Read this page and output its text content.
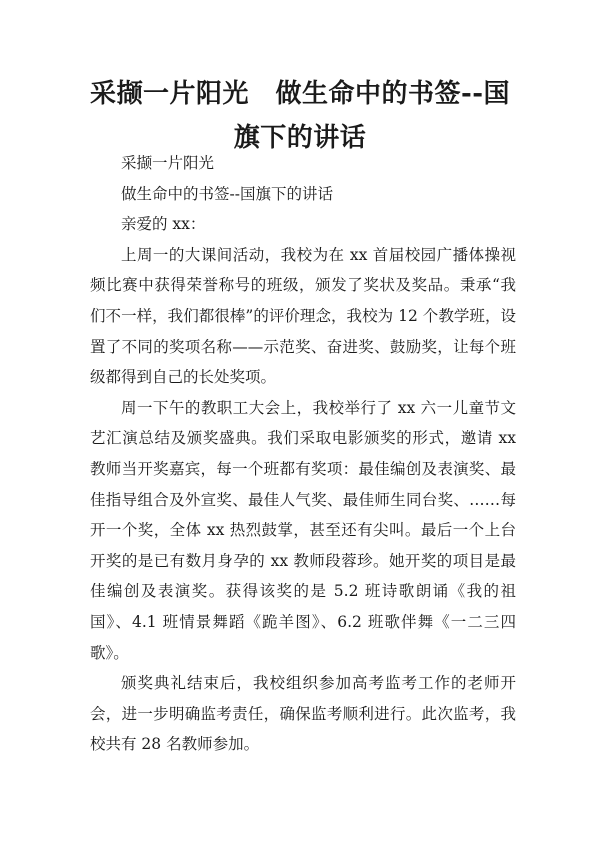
采撷一片阳光　做生命中的书签--国旗下的讲话

采撷一片阳光

做生命中的书签--国旗下的讲话

亲爱的 xx：

上周一的大课间活动，我校为在 xx 首届校园广播体操视频比赛中获得荣誉称号的班级，颁发了奖状及奖品。秉承“我们不一样，我们都很棒”的评价理念，我校为 12 个教学班，设置了不同的奖项名称——示范奖、奋进奖、鼓励奖，让每个班级都得到自己的长处奖项。

周一下午的教职工大会上，我校举行了 xx 六一儿童节文艺汇演总结及颁奖盛典。我们采取电影颁奖的形式，邀请 xx 教师当开奖嘉宾，每一个班都有奖项：最佳编创及表演奖、最佳指导组合及外宣奖、最佳人气奖、最佳师生同台奖、……每开一个奖，全体 xx 热烈鼓掌，甚至还有尖叫。最后一个上台开奖的是已有数月身孕的 xx 教师段蓉珍。她开奖的项目是最佳编创及表演奖。获得该奖的是 5.2 班诗歌朗诵《我的祖国》、4.1 班情景舞蹈《跪羊图》、6.2 班歌伴舞《一二三四歌》。

颁奖典礼结束后，我校组织参加高考监考工作的老师开会，进一步明确监考责任，确保监考顺利进行。此次监考，我校共有 28 名教师参加。
